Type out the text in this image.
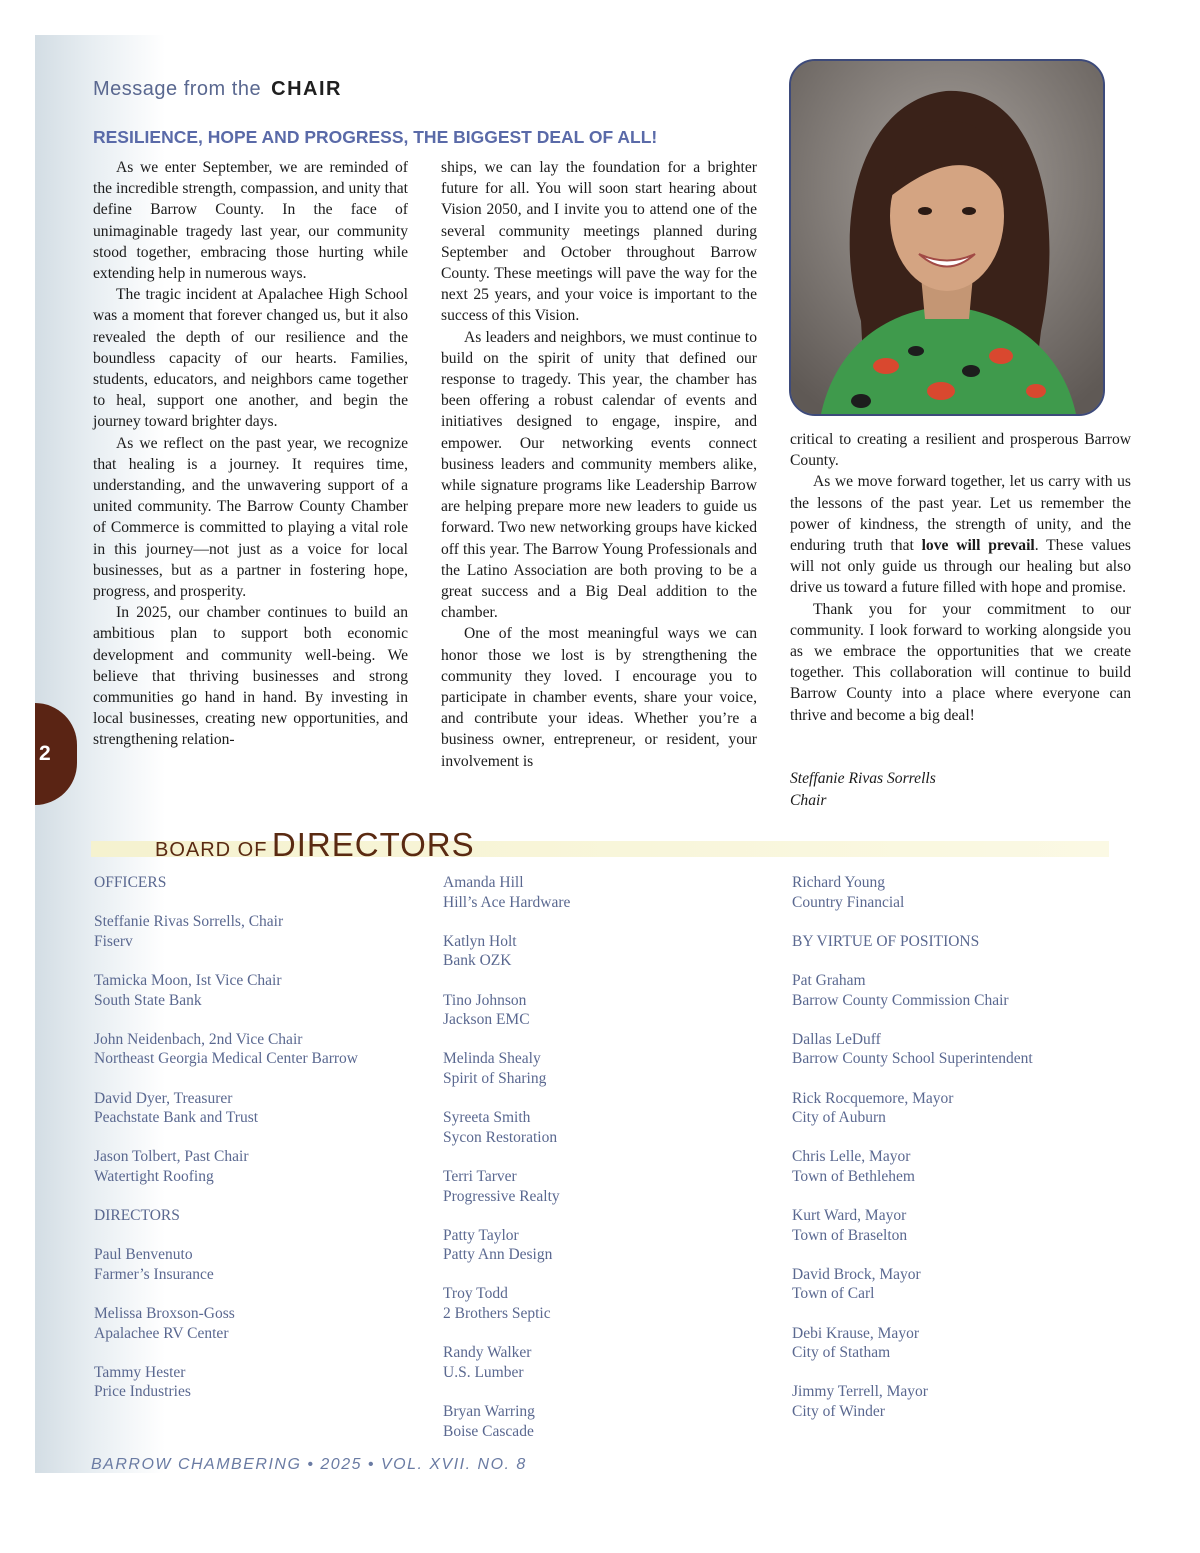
2
Message from the CHAIR
RESILIENCE, HOPE AND PROGRESS, THE BIGGEST DEAL OF ALL!

As we enter September, we are reminded of the incredible strength, compassion, and unity that define Barrow County. In the face of unimaginable tragedy last year, our community stood together, embracing those hurting while extending help in numerous ways.

The tragic incident at Apalachee High School was a moment that forever changed us, but it also revealed the depth of our resilience and the boundless capacity of our hearts. Families, students, educators, and neighbors came together to heal, support one another, and begin the journey toward brighter days.

As we reflect on the past year, we recognize that healing is a journey. It requires time, understanding, and the unwavering support of a united community. The Barrow County Chamber of Commerce is committed to playing a vital role in this journey—not just as a voice for local businesses, but as a partner in fostering hope, progress, and prosperity.

In 2025, our chamber continues to build an ambitious plan to support both economic development and community well-being. We believe that thriving businesses and strong communities go hand in hand. By investing in local businesses, creating new opportunities, and strengthening relation-

ships, we can lay the foundation for a brighter future for all. You will soon start hearing about Vision 2050, and I invite you to attend one of the several community meetings planned during September and October throughout Barrow County. These meetings will pave the way for the next 25 years, and your voice is important to the success of this Vision.

As leaders and neighbors, we must continue to build on the spirit of unity that defined our response to tragedy. This year, the chamber has been offering a robust calendar of events and initiatives designed to engage, inspire, and empower. Our networking events connect business leaders and community members alike, while signature programs like Leadership Barrow are helping prepare more new leaders to guide us forward. Two new networking groups have kicked off this year. The Barrow Young Professionals and the Latino Association are both proving to be a great success and a Big Deal addition to the chamber.

One of the most meaningful ways we can honor those we lost is by strengthening the community they loved. I encourage you to participate in chamber events, share your voice, and contribute your ideas. Whether you’re a business owner, entrepreneur, or resident, your involvement is

critical to creating a resilient and prosperous Barrow County.

As we move forward together, let us carry with us the lessons of the past year. Let us remember the power of kindness, the strength of unity, and the enduring truth that love will prevail. These values will not only guide us through our healing but also drive us toward a future filled with hope and promise.

Thank you for your commitment to our community. I look forward to working alongside you as we embrace the opportunities that we create together. This collaboration will continue to build Barrow County into a place where everyone can thrive and become a big deal!

Steffanie Rivas Sorrells
Chair
BOARD OF DIRECTORS
OFFICERS
Steffanie Rivas Sorrells, Chair
Fiserv
Tamicka Moon, Ist Vice Chair
South State Bank
John Neidenbach, 2nd Vice Chair
Northeast Georgia Medical Center Barrow
David Dyer, Treasurer
Peachstate Bank and Trust
Jason Tolbert, Past Chair
Watertight Roofing
DIRECTORS
Paul Benvenuto
Farmer’s Insurance
Melissa Broxson-Goss
Apalachee RV Center
Tammy Hester
Price Industries
Amanda Hill
Hill’s Ace Hardware
Katlyn Holt
Bank OZK
Tino Johnson
Jackson EMC
Melinda Shealy
Spirit of Sharing
Syreeta Smith
Sycon Restoration
Terri Tarver
Progressive Realty
Patty Taylor
Patty Ann Design
Troy Todd
2 Brothers Septic
Randy Walker
U.S. Lumber
Bryan Warring
Boise Cascade
Richard Young
Country Financial
BY VIRTUE OF POSITIONS
Pat Graham
Barrow County Commission Chair
Dallas LeDuff
Barrow County School Superintendent
Rick Rocquemore, Mayor
City of Auburn
Chris Lelle, Mayor
Town of Bethlehem
Kurt Ward, Mayor
Town of Braselton
David Brock, Mayor
Town of Carl
Debi Krause, Mayor
City of Statham
Jimmy Terrell, Mayor
City of Winder
BARROW CHAMBERING • 2025 • VOL. XVII. NO. 8
